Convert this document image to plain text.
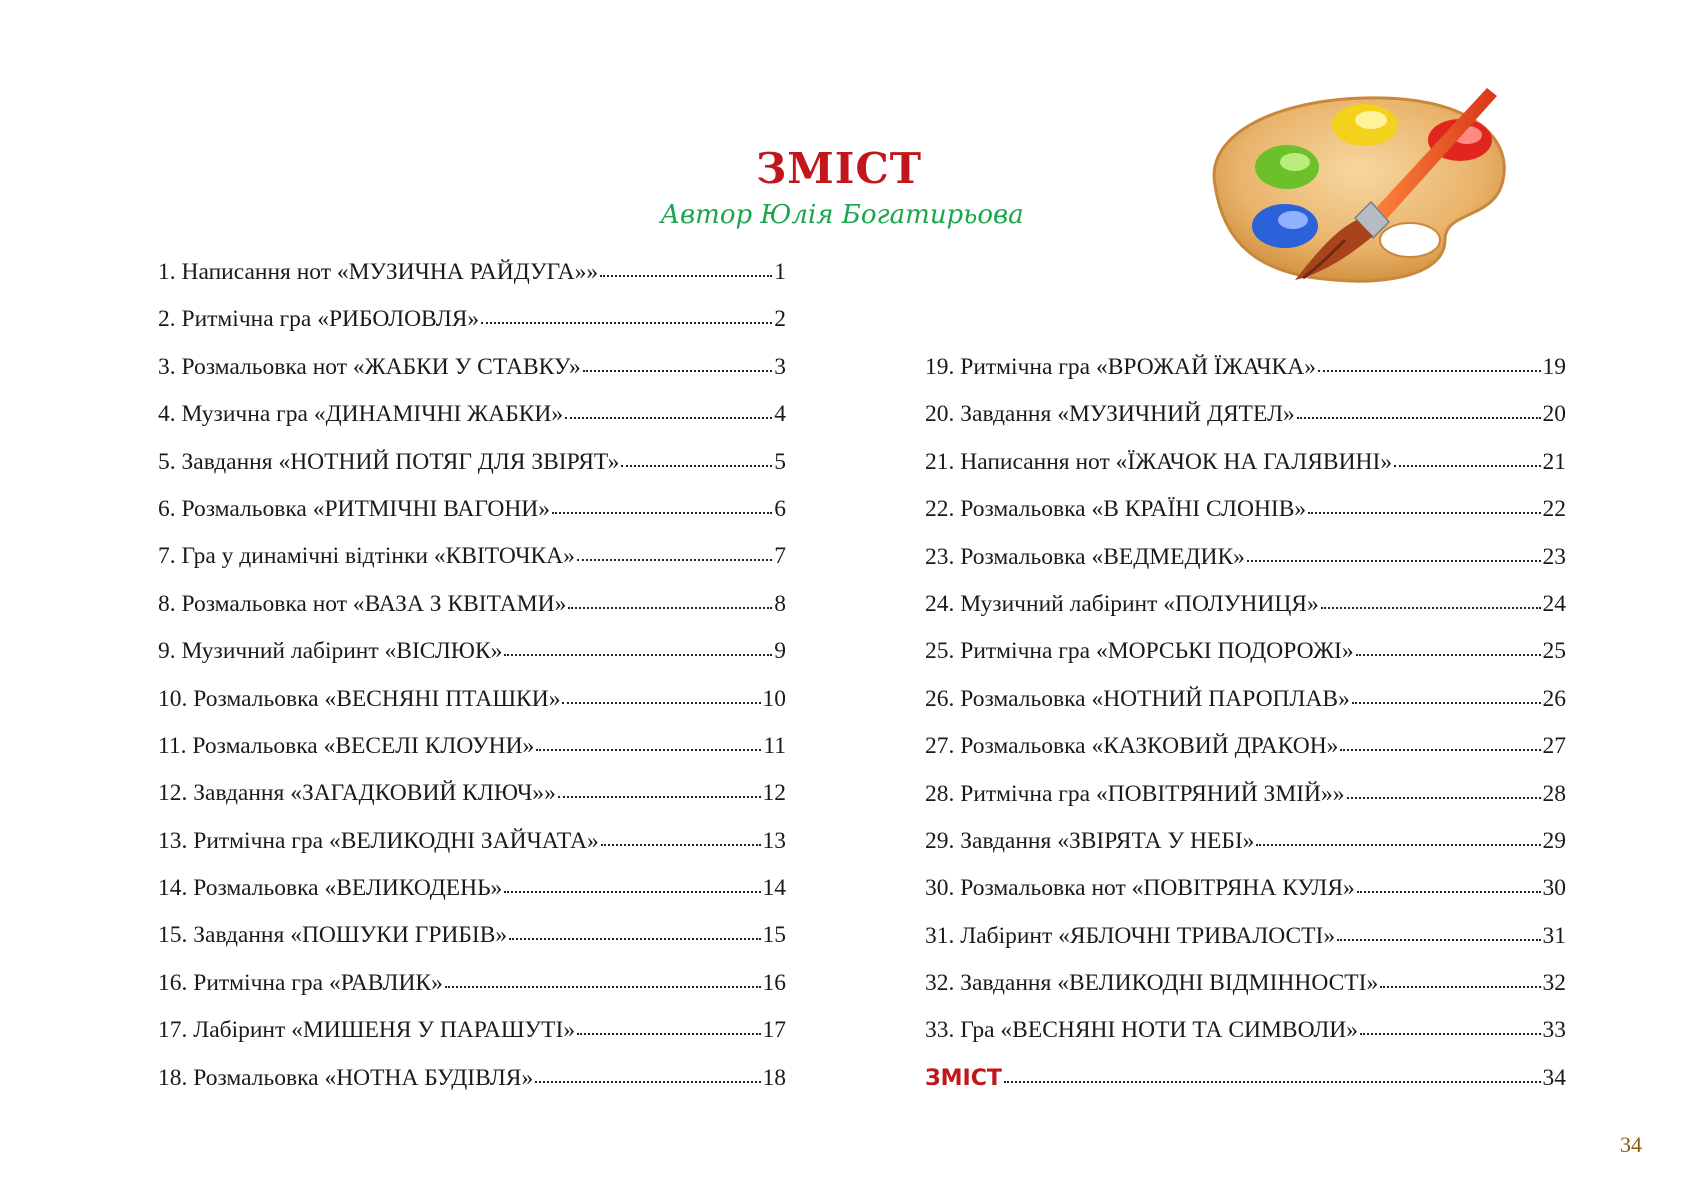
ЗМІСТ
Автор Юлія Богатирьова
1. Написання нот «МУЗИЧНА РАЙДУГА»»	1
2. Ритмічна гра «РИБОЛОВЛЯ»	2
3. Розмальовка нот «ЖАБКИ У СТАВКУ»	3
4. Музична гра «ДИНАМІЧНІ ЖАБКИ»	4
5. Завдання «НОТНИЙ ПОТЯГ ДЛЯ ЗВІРЯТ»	5
6. Розмальовка «РИТМІЧНІ ВАГОНИ»	6
7. Гра у динамічні відтінки «КВІТОЧКА»	7
8. Розмальовка нот «ВАЗА З КВІТАМИ»	8
9. Музичний лабіринт «ВІСЛЮК»	9
10. Розмальовка «ВЕСНЯНІ ПТАШКИ»	10
11. Розмальовка «ВЕСЕЛІ КЛОУНИ»	11
12. Завдання «ЗАГАДКОВИЙ КЛЮЧ»»	12
13. Ритмічна гра «ВЕЛИКОДНІ ЗАЙЧАТА»	13
14. Розмальовка «ВЕЛИКОДЕНЬ»	14
15. Завдання «ПОШУКИ ГРИБІВ»	15
16. Ритмічна гра «РАВЛИК»	16
17. Лабіринт «МИШЕНЯ У ПАРАШУТІ»	17
18. Розмальовка «НОТНА БУДІВЛЯ»	18
19. Ритмічна гра «ВРОЖАЙ ЇЖАЧКА»	19
20. Завдання «МУЗИЧНИЙ ДЯТЕЛ»	20
21. Написання нот «ЇЖАЧОК НА ГАЛЯВИНІ»	21
22. Розмальовка «В КРАЇНІ СЛОНІВ»	22
23. Розмальовка «ВЕДМЕДИК»	23
24. Музичний лабіринт «ПОЛУНИЦЯ»	24
25. Ритмічна гра «МОРСЬКІ ПОДОРОЖІ»	25
26. Розмальовка «НОТНИЙ ПАРОПЛАВ»	26
27. Розмальовка «КАЗКОВИЙ ДРАКОН»	27
28. Ритмічна гра «ПОВІТРЯНИЙ ЗМІЙ»»	28
29. Завдання «ЗВІРЯТА У НЕБІ»	29
30. Розмальовка нот «ПОВІТРЯНА КУЛЯ»	30
31. Лабіринт «ЯБЛОЧНІ ТРИВАЛОСТІ»	31
32. Завдання «ВЕЛИКОДНІ ВІДМІННОСТІ»	32
33. Гра «ВЕСНЯНІ НОТИ ТА СИМВОЛИ»	33
ЗМІСТ	34
34
